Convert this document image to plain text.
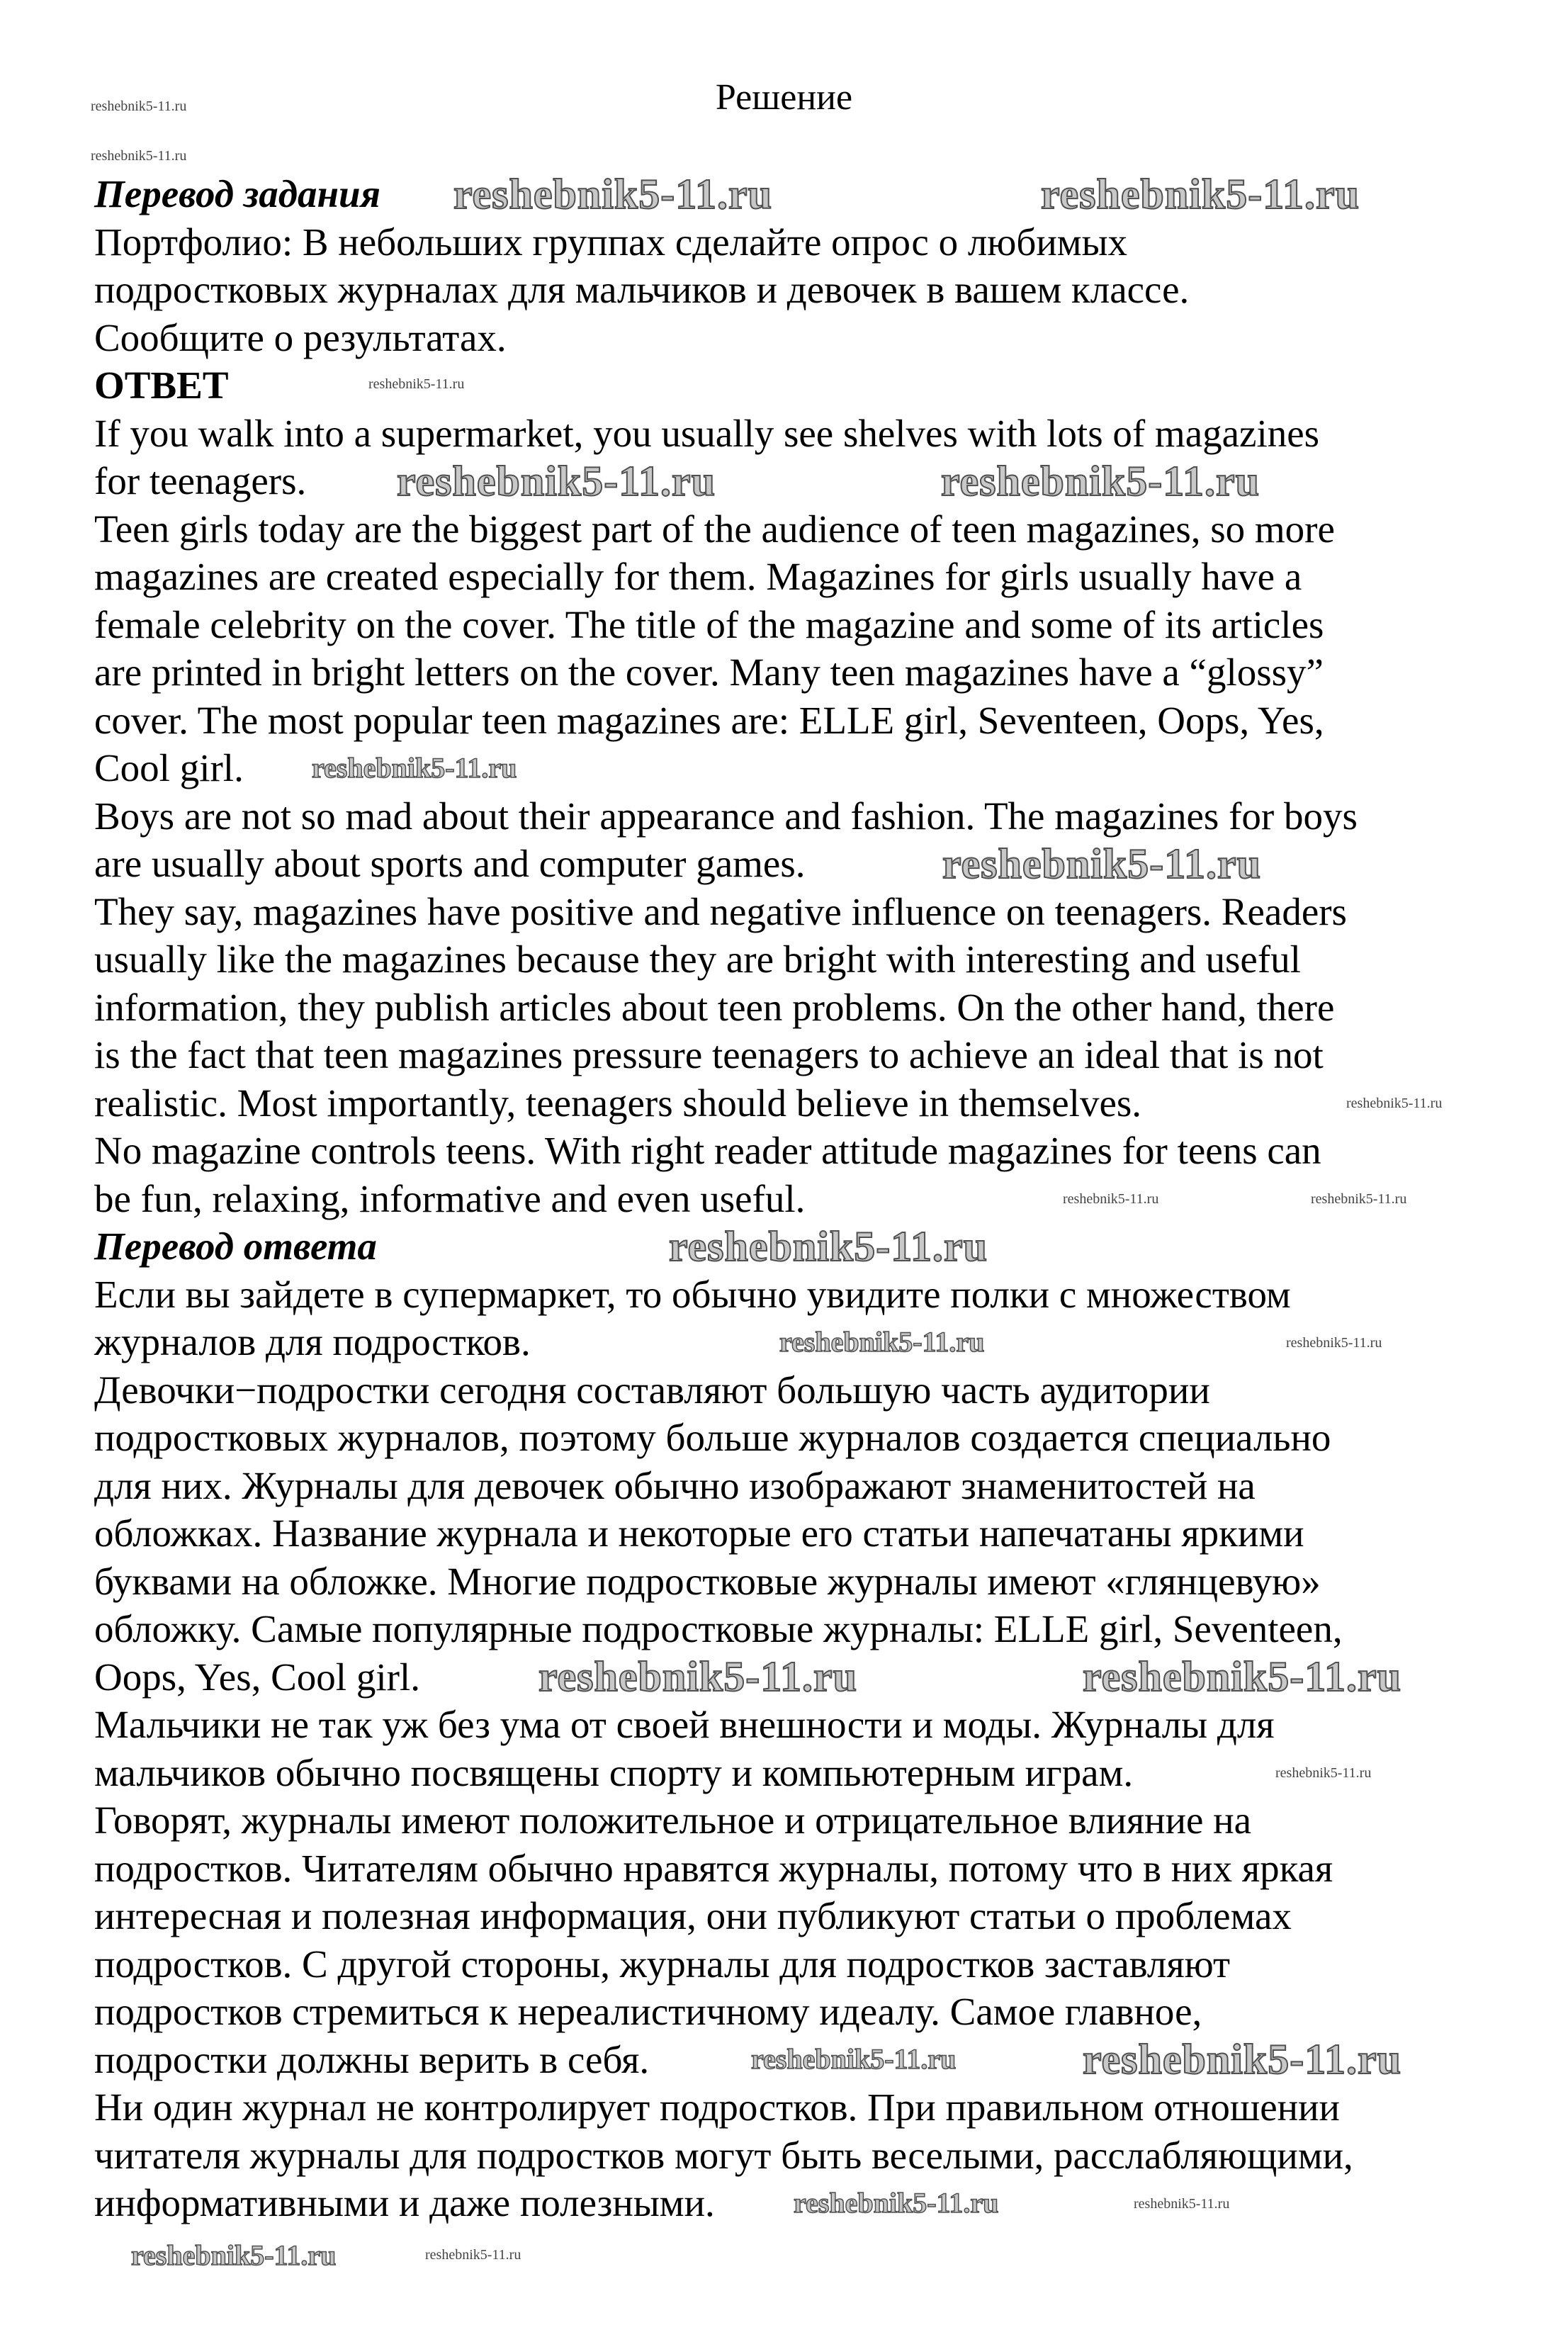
Решение
Перевод задания
Портфолио: В небольших группах сделайте опрос о любимых
подростковых журналах для мальчиков и девочек в вашем классе.
Сообщите о результатах.
ОТВЕТ
If you walk into a supermarket, you usually see shelves with lots of magazines
for teenagers.
Teen girls today are the biggest part of the audience of teen magazines, so more
magazines are created especially for them. Magazines for girls usually have a
female celebrity on the cover. The title of the magazine and some of its articles
are printed in bright letters on the cover. Many teen magazines have a “glossy”
cover. The most popular teen magazines are: ELLE girl, Seventeen, Oops, Yes,
Cool girl.
Boys are not so mad about their appearance and fashion. The magazines for boys
are usually about sports and computer games.
They say, magazines have positive and negative influence on teenagers. Readers
usually like the magazines because they are bright with interesting and useful
information, they publish articles about teen problems. On the other hand, there
is the fact that teen magazines pressure teenagers to achieve an ideal that is not
realistic. Most importantly, teenagers should believe in themselves.
No magazine controls teens. With right reader attitude magazines for teens can
be fun, relaxing, informative and even useful.
Перевод ответа
Если вы зайдете в супермаркет, то обычно увидите полки с множеством
журналов для подростков.
Девочки−подростки сегодня составляют большую часть аудитории
подростковых журналов, поэтому больше журналов создается специально
для них. Журналы для девочек обычно изображают знаменитостей на
обложках. Название журнала и некоторые его статьи напечатаны яркими
буквами на обложке. Многие подростковые журналы имеют «глянцевую»
обложку. Самые популярные подростковые журналы: ELLE girl, Seventeen,
Oops, Yes, Cool girl.
Мальчики не так уж без ума от своей внешности и моды. Журналы для
мальчиков обычно посвящены спорту и компьютерным играм.
Говорят, журналы имеют положительное и отрицательное влияние на
подростков. Читателям обычно нравятся журналы, потому что в них яркая
интересная и полезная информация, они публикуют статьи о проблемах
подростков. С другой стороны, журналы для подростков заставляют
подростков стремиться к нереалистичному идеалу. Самое главное,
подростки должны верить в себя.
Ни один журнал не контролирует подростков. При правильном отношении
читателя журналы для подростков могут быть веселыми, расслабляющими,
информативными и даже полезными.
reshebnik5-11.ru
reshebnik5-11.ru
reshebnik5-11.ru	reshebnik5-11.ru
reshebnik5-11.ru
reshebnik5-11.ru	reshebnik5-11.ru
reshebnik5-11.ru
reshebnik5-11.ru
reshebnik5-11.ru
reshebnik5-11.ru	reshebnik5-11.ru
reshebnik5-11.ru
reshebnik5-11.ru	reshebnik5-11.ru
reshebnik5-11.ru	reshebnik5-11.ru
reshebnik5-11.ru
reshebnik5-11.ru	reshebnik5-11.ru
reshebnik5-11.ru	reshebnik5-11.ru
reshebnik5-11.ru	reshebnik5-11.ru
